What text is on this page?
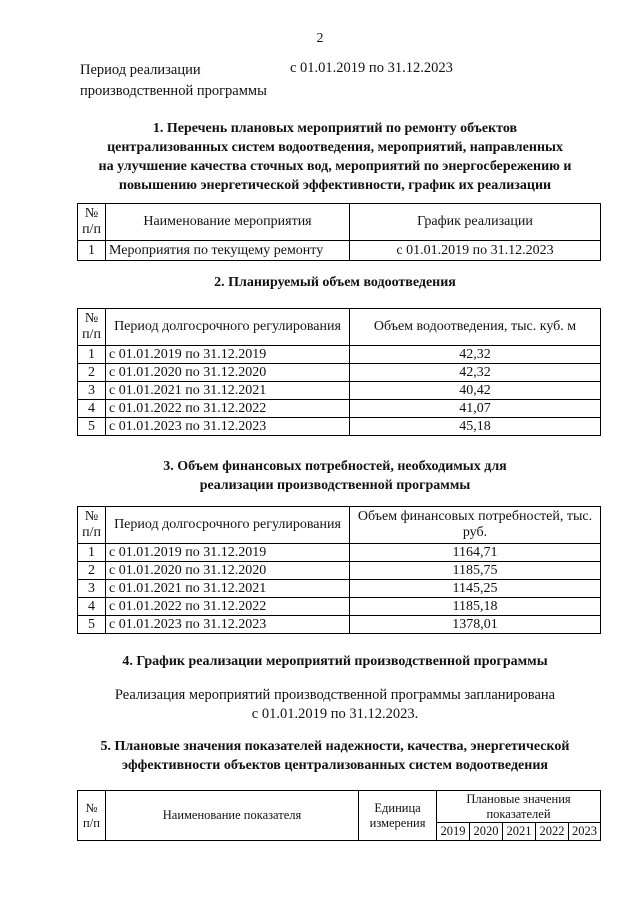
2
Период реализации
производственной программы
с 01.01.2019 по 31.12.2023
1. Перечень плановых мероприятий по ремонту объектов
централизованных систем водоотведения, мероприятий, направленных
на улучшение качества сточных вод, мероприятий по энергосбережению и
повышению энергетической эффективности, график их реализации
№ п/п	Наименование мероприятия	График реализации
1	Мероприятия по текущему ремонту	с 01.01.2019 по 31.12.2023
2. Планируемый объем водоотведения
№ п/п	Период долгосрочного регулирования	Объем водоотведения, тыс. куб. м
1	с 01.01.2019 по 31.12.2019	42,32
2	с 01.01.2020 по 31.12.2020	42,32
3	с 01.01.2021 по 31.12.2021	40,42
4	с 01.01.2022 по 31.12.2022	41,07
5	с 01.01.2023 по 31.12.2023	45,18
3. Объем финансовых потребностей, необходимых для
реализации производственной программы
№ п/п	Период долгосрочного регулирования	Объем финансовых потребностей, тыс. руб.
1	с 01.01.2019 по 31.12.2019	1164,71
2	с 01.01.2020 по 31.12.2020	1185,75
3	с 01.01.2021 по 31.12.2021	1145,25
4	с 01.01.2022 по 31.12.2022	1185,18
5	с 01.01.2023 по 31.12.2023	1378,01
4. График реализации мероприятий производственной программы
Реализация мероприятий производственной программы запланирована
с 01.01.2019 по 31.12.2023.
5. Плановые значения показателей надежности, качества, энергетической
эффективности объектов централизованных систем водоотведения
№ п/п	Наименование показателя	Единица измерения	Плановые значения показателей				
			2019	2020	2021	2022	2023
